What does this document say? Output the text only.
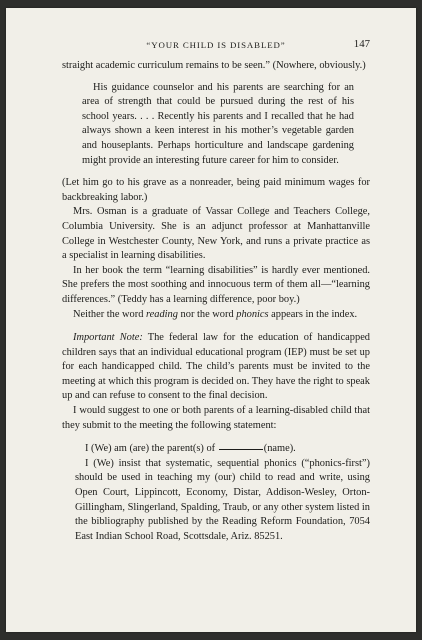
“YOUR CHILD IS DISABLED”	147

straight academic curriculum remains to be seen.” (Nowhere, obviously.)

His guidance counselor and his parents are searching for an area of strength that could be pursued during the rest of his school years. . . . Recently his parents and I recalled that he had always shown a keen interest in his mother’s vegetable garden and houseplants. Perhaps horticulture and landscape gardening might provide an interesting future career for him to consider.

(Let him go to his grave as a nonreader, being paid minimum wages for backbreaking labor.)

Mrs. Osman is a graduate of Vassar College and Teachers College, Columbia University. She is an adjunct professor at Manhattanville College in Westchester County, New York, and runs a private practice as a specialist in learning disabilities.

In her book the term “learning disabilities” is hardly ever mentioned. She prefers the most soothing and innocuous term of them all—“learning differences.” (Teddy has a learning difference, poor boy.)

Neither the word reading nor the word phonics appears in the index.

Important Note: The federal law for the education of handicapped children says that an individual educational program (IEP) must be set up for each handicapped child. The child’s parents must be invited to the meeting at which this program is decided on. They have the right to speak up and can refuse to consent to the final decision.

I would suggest to one or both parents of a learning-disabled child that they submit to the meeting the following statement:

I (We) am (are) the parent(s) of	(name).

I (We) insist that systematic, sequential phonics (“phonics-first”) should be used in teaching my (our) child to read and write, using Open Court, Lippincott, Economy, Distar, Addison-Wesley, Orton-Gillingham, Slingerland, Spalding, Traub, or any other system listed in the bibliography published by the Reading Reform Foundation, 7054 East Indian School Road, Scottsdale, Ariz. 85251.
